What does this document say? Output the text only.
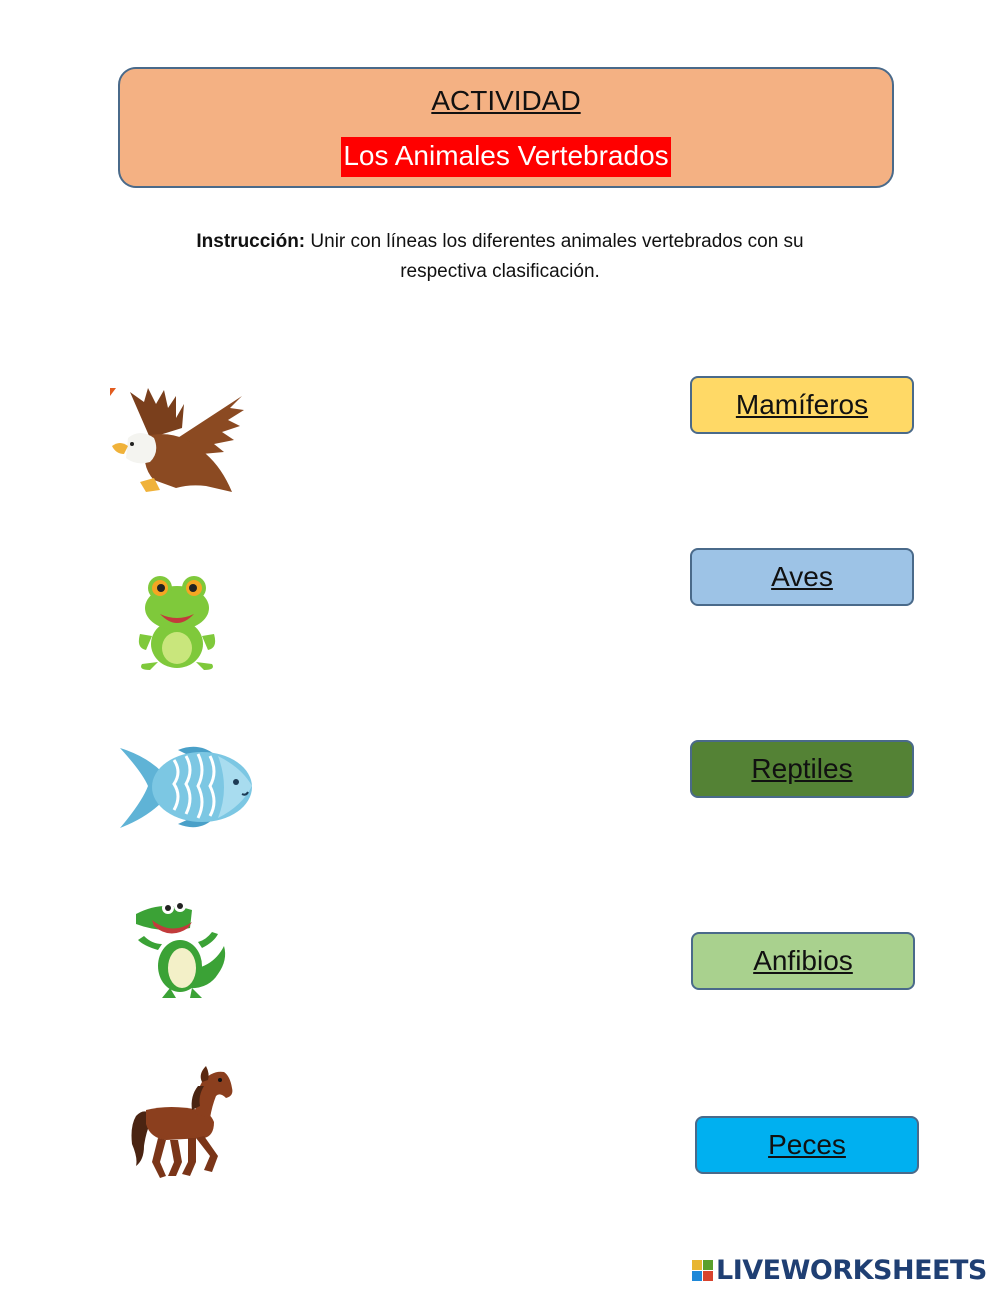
ACTIVIDAD
Los Animales Vertebrados
Instrucción: Unir con líneas los diferentes animales vertebrados con su respectiva clasificación.
Mamíferos
Aves
Reptiles
Anfibios
Peces
LIVEWORKSHEETS
